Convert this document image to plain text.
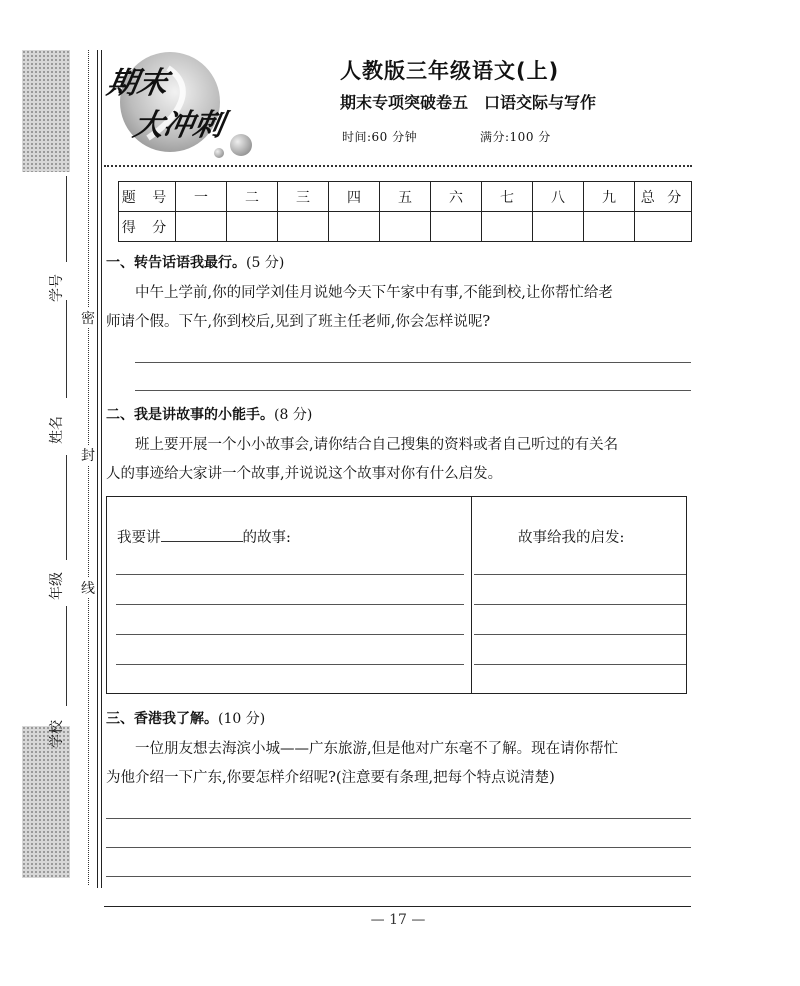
学号
姓名
年级
学校
密
封
线
期末
大冲刺
人教版三年级语文(上)
期末专项突破卷五　口语交际与写作
时间:60 分钟	满分:100 分
题 号	一	二	三	四	五	六	七	八	九	总 分
得 分										
一、转告话语我最行。(5 分)
　　中午上学前,你的同学刘佳月说她今天下午家中有事,不能到校,让你帮忙给老
师请个假。下午,你到校后,见到了班主任老师,你会怎样说呢?
二、我是讲故事的小能手。(8 分)
　　班上要开展一个小小故事会,请你结合自己搜集的资料或者自己听过的有关名
人的事迹给大家讲一个故事,并说说这个故事对你有什么启发。
我要讲	的故事:	故事给我的启发:
三、香港我了解。(10 分)
　　一位朋友想去海滨小城——广东旅游,但是他对广东毫不了解。现在请你帮忙
为他介绍一下广东,你要怎样介绍呢?(注意要有条理,把每个特点说清楚)
— 17 —
